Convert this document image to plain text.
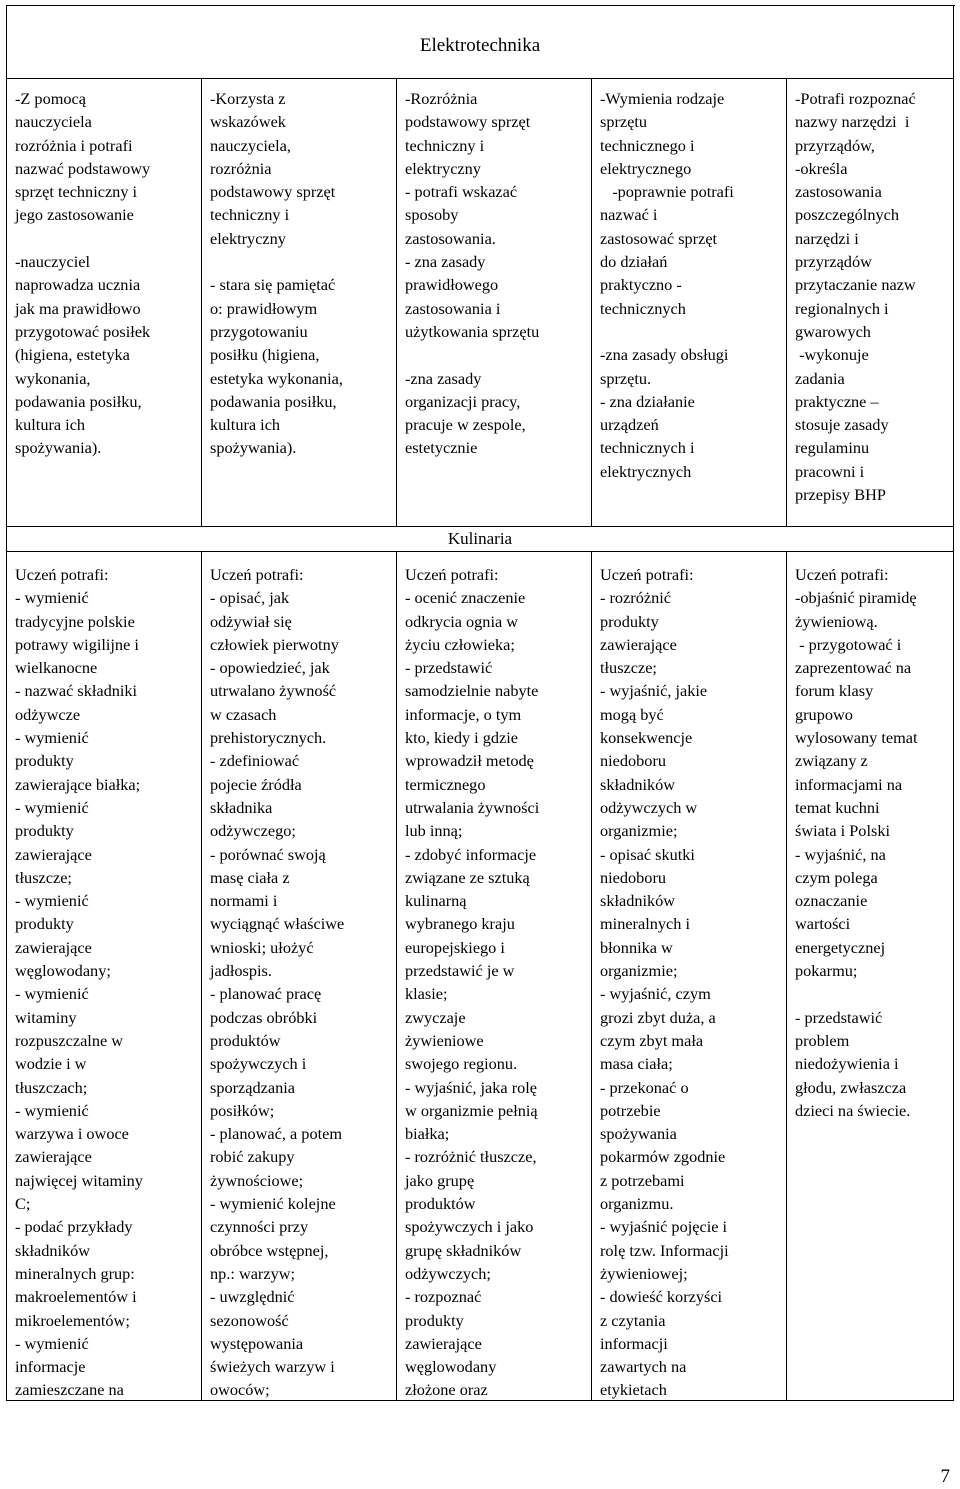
Elektrotechnika
-Z pomocą
nauczyciela
rozróżnia i potrafi
nazwać podstawowy
sprzęt techniczny i
jego zastosowanie

-nauczyciel
naprowadza ucznia
jak ma prawidłowo
przygotować posiłek
(higiena, estetyka
wykonania,
podawania posiłku,
kultura ich
spożywania).
-Korzysta z
wskazówek
nauczyciela,
rozróżnia
podstawowy sprzęt
techniczny i
elektryczny

- stara się pamiętać
o: prawidłowym
przygotowaniu
posiłku (higiena,
estetyka wykonania,
podawania posiłku,
kultura ich
spożywania).
-Rozróżnia
podstawowy sprzęt
techniczny i
elektryczny
- potrafi wskazać
sposoby
zastosowania.
- zna zasady
prawidłowego
zastosowania i
użytkowania sprzętu

-zna zasady
organizacji pracy,
pracuje w zespole,
estetycznie
-Wymienia rodzaje
sprzętu
technicznego i
elektrycznego
-poprawnie potrafi
nazwać i
zastosować sprzęt
do działań
praktyczno -
technicznych

-zna zasady obsługi
sprzętu.
- zna działanie
urządzeń
technicznych i
elektrycznych
-Potrafi rozpoznać
nazwy narzędzi  i
przyrządów,
-określa
zastosowania
poszczególnych
narzędzi i
przyrządów
przytaczanie nazw
regionalnych i
gwarowych
-wykonuje
zadania
praktyczne –
stosuje zasady
regulaminu
pracowni i
przepisy BHP
Kulinaria
Uczeń potrafi:
- wymienić
tradycyjne polskie
potrawy wigilijne i
wielkanocne
- nazwać składniki
odżywcze
- wymienić
produkty
zawierające białka;
- wymienić
produkty
zawierające
tłuszcze;
- wymienić
produkty
zawierające
węglowodany;
- wymienić
witaminy
rozpuszczalne w
wodzie i w
tłuszczach;
- wymienić
warzywa i owoce
zawierające
najwięcej witaminy
C;
- podać przykłady
składników
mineralnych grup:
makroelementów i
mikroelementów;
- wymienić
informacje
zamieszczane na
Uczeń potrafi:
- opisać, jak
odżywiał się
człowiek pierwotny
- opowiedzieć, jak
utrwalano żywność
w czasach
prehistorycznych.
- zdefiniować
pojecie źródła
składnika
odżywczego;
- porównać swoją
masę ciała z
normami i
wyciągnąć właściwe
wnioski; ułożyć
jadłospis.
- planować pracę
podczas obróbki
produktów
spożywczych i
sporządzania
posiłków;
- planować, a potem
robić zakupy
żywnościowe;
- wymienić kolejne
czynności przy
obróbce wstępnej,
np.: warzyw;
- uwzględnić
sezonowość
występowania
świeżych warzyw i
owoców;
Uczeń potrafi:
- ocenić znaczenie
odkrycia ognia w
życiu człowieka;
- przedstawić
samodzielnie nabyte
informacje, o tym
kto, kiedy i gdzie
wprowadził metodę
termicznego
utrwalania żywności
lub inną;
- zdobyć informacje
związane ze sztuką
kulinarną
wybranego kraju
europejskiego i
przedstawić je w
klasie;
zwyczaje
żywieniowe
swojego regionu.
- wyjaśnić, jaka rolę
w organizmie pełnią
białka;
- rozróżnić tłuszcze,
jako grupę
produktów
spożywczych i jako
grupę składników
odżywczych;
- rozpoznać
produkty
zawierające
węglowodany
złożone oraz
Uczeń potrafi:
- rozróżnić
produkty
zawierające
tłuszcze;
- wyjaśnić, jakie
mogą być
konsekwencje
niedoboru
składników
odżywczych w
organizmie;
- opisać skutki
niedoboru
składników
mineralnych i
błonnika w
organizmie;
- wyjaśnić, czym
grozi zbyt duża, a
czym zbyt mała
masa ciała;
- przekonać o
potrzebie
spożywania
pokarmów zgodnie
z potrzebami
organizmu.
- wyjaśnić pojęcie i
rolę tzw. Informacji
żywieniowej;
- dowieść korzyści
z czytania
informacji
zawartych na
etykietach
Uczeń potrafi:
-objaśnić piramidę
żywieniową.
- przygotować i
zaprezentować na
forum klasy
grupowo
wylosowany temat
związany z
informacjami na
temat kuchni
świata i Polski
- wyjaśnić, na
czym polega
oznaczanie
wartości
energetycznej
pokarmu;

- przedstawić
problem
niedożywienia i
głodu, zwłaszcza
dzieci na świecie.
7
